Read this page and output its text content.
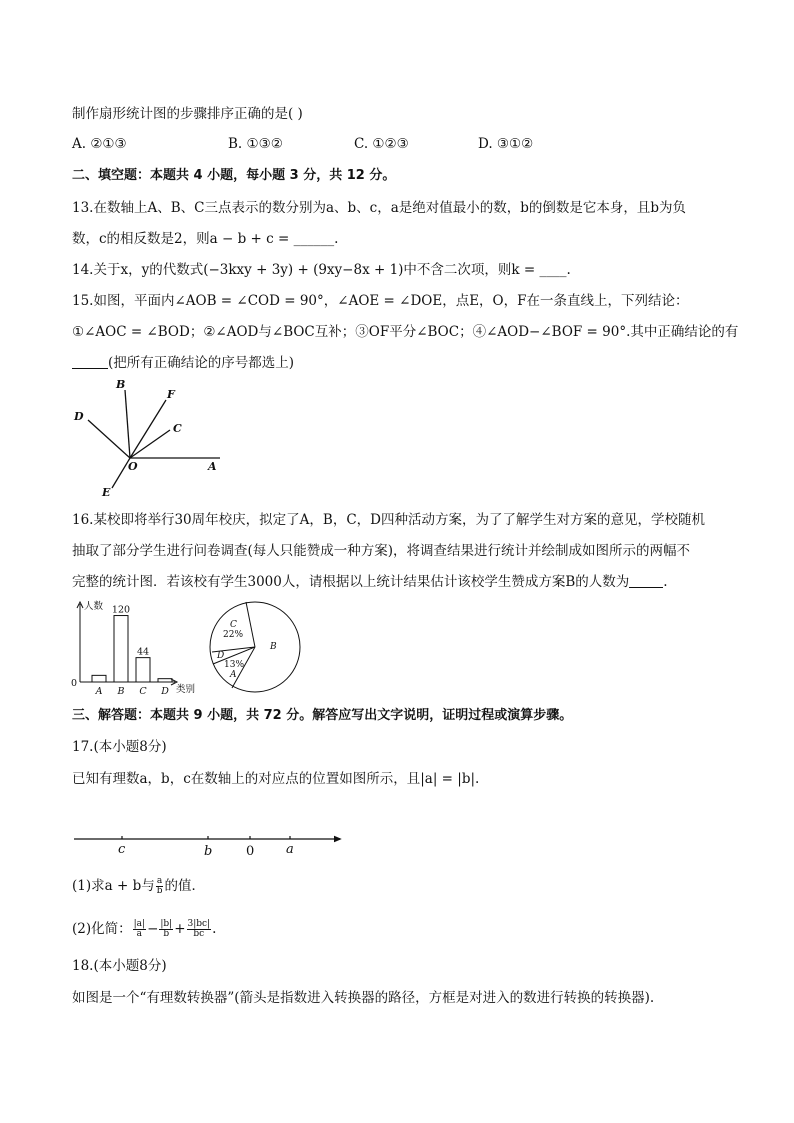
制作扇形统计图的步骤排序正确的是( )
A. ②①③	B. ①③②	C. ①②③	D. ③①②
二、填空题：本题共 4 小题，每小题 3 分，共 12 分。
13.在数轴上A、B、C三点表示的数分别为a、b、c，a是绝对值最小的数，b的倒数是它本身，且b为负
数，c的相反数是2，则a − b + c = ______.
14.关于x，y的代数式(−3kxy + 3y) + (9xy−8x + 1)中不含二次项，则k = ____.
15.如图，平面内∠AOB = ∠COD = 90°，∠AOE = ∠DOE，点E，O，F在一条直线上，下列结论：
①∠AOC = ∠BOD；②∠AOD与∠BOC互补；③OF平分∠BOC；④∠AOD−∠BOF = 90°.其中正确结论的有
(把所有正确结论的序号都选上)
B
F
C
D
O	A
E
16.某校即将举行30周年校庆，拟定了A，B，C，D四种活动方案，为了了解学生对方案的意见，学校随机
抽取了部分学生进行问卷调查(每人只能赞成一种方案)，将调查结果进行统计并绘制成如图所示的两幅不
完整的统计图．若该校有学生3000人，请根据以上统计结果估计该校学生赞成方案B的人数为	.
人数
类别
0
A B
120
C
44
D
C
22%
B
D
13%
A
三、解答题：本题共 9 小题，共 72 分。解答应写出文字说明，证明过程或演算步骤。
17.(本小题8分)
已知有理数a，b，c在数轴上的对应点的位置如图所示，且|a| = |b|.
c	b	0 a
(1)求a + b与 $\frac{a}{b}$ 的值．
(2)化简： $\frac{|a|}{a} - \frac{|b|}{b} + \frac{3|bc|}{bc}$ .
18.(本小题8分)
如图是一个“有理数转换器”(箭头是指数进入转换器的路径，方框是对进入的数进行转换的转换器).
